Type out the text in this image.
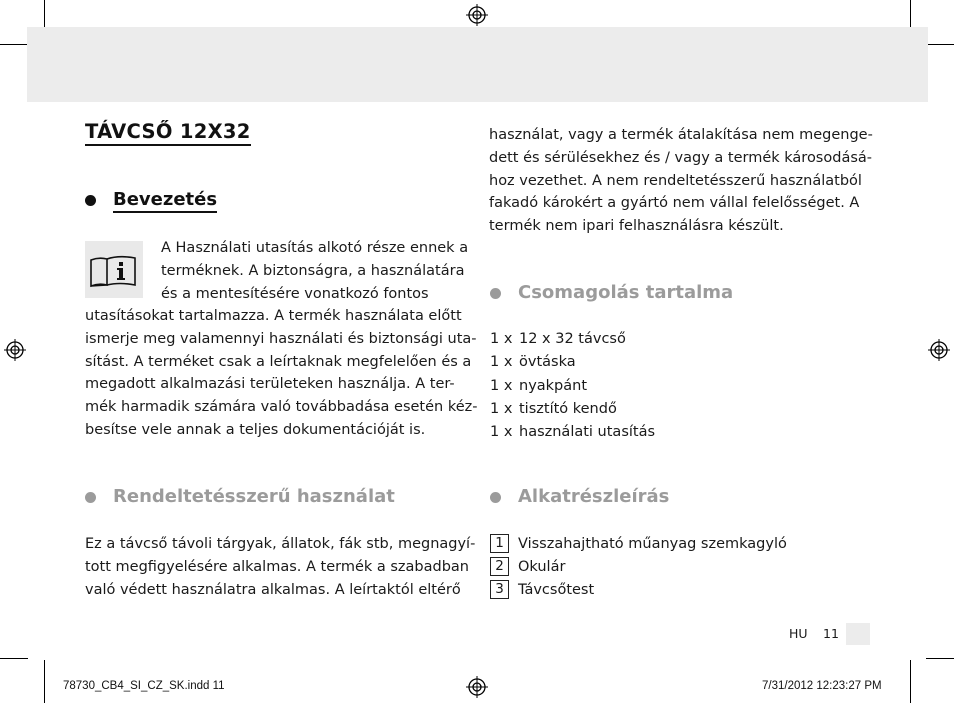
TÁVCSŐ 12X32
Bevezetés
A Használati utasítás alkotó része ennek a
terméknek. A biztonságra, a használatára
és a mentesítésére vonatkozó fontos
utasításokat tartalmazza. A termék használata előtt
ismerje meg valamennyi használati és biztonsági uta-
sítást. A terméket csak a leírtaknak megfelelően és a
megadott alkalmazási területeken használja. A ter-
mék harmadik számára való továbbadása esetén kéz-
besítse vele annak a teljes dokumentációját is.
Rendeltetésszerű használat
Ez a távcső távoli tárgyak, állatok, fák stb, megnagyí-
tott megfigyelésére alkalmas. A termék a szabadban
való védett használatra alkalmas. A leírtaktól eltérő
használat, vagy a termék átalakítása nem megenge-
dett és sérülésekhez és / vagy a termék károsodásá-
hoz vezethet. A nem rendeltetésszerű használatból
fakadó károkért a gyártó nem vállal felelősséget. A
termék nem ipari felhasználásra készült.
Csomagolás tartalma
1 x 12 x 32 távcső
1 x övtáska
1 x nyakpánt
1 x tisztító kendő
1 x használati utasítás
Alkatrészleírás
1 Visszahajtható műanyag szemkagyló
2 Okulár
3 Távcsőtest
HU 11
78730_CB4_SI_CZ_SK.indd 11	7/31/2012 12:23:27 PM
